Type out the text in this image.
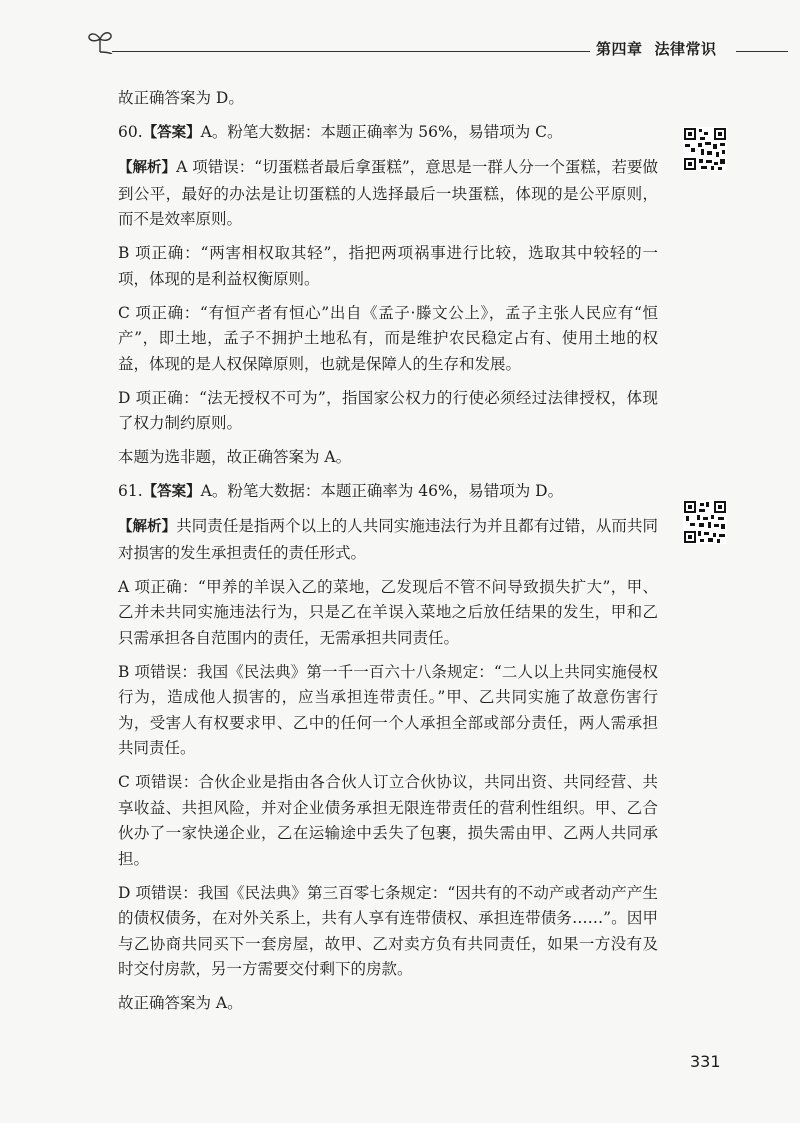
第四章 法律常识

故正确答案为 D。

60.【答案】A。粉笔大数据：本题正确率为 56%，易错项为 C。

【解析】A 项错误：“切蛋糕者最后拿蛋糕”，意思是一群人分一个蛋糕，若要做到公平，最好的办法是让切蛋糕的人选择最后一块蛋糕，体现的是公平原则，而不是效率原则。

B 项正确：“两害相权取其轻”，指把两项祸事进行比较，选取其中较轻的一项，体现的是利益权衡原则。

C 项正确：“有恒产者有恒心”出自《孟子·滕文公上》，孟子主张人民应有“恒产”，即土地，孟子不拥护土地私有，而是维护农民稳定占有、使用土地的权益，体现的是人权保障原则，也就是保障人的生存和发展。

D 项正确：“法无授权不可为”，指国家公权力的行使必须经过法律授权，体现了权力制约原则。

本题为选非题，故正确答案为 A。

61.【答案】A。粉笔大数据：本题正确率为 46%，易错项为 D。

【解析】共同责任是指两个以上的人共同实施违法行为并且都有过错，从而共同对损害的发生承担责任的责任形式。

A 项正确：“甲养的羊误入乙的菜地，乙发现后不管不问导致损失扩大”，甲、乙并未共同实施违法行为，只是乙在羊误入菜地之后放任结果的发生，甲和乙只需承担各自范围内的责任，无需承担共同责任。

B 项错误：我国《民法典》第一千一百六十八条规定：“二人以上共同实施侵权行为，造成他人损害的，应当承担连带责任。”甲、乙共同实施了故意伤害行为，受害人有权要求甲、乙中的任何一个人承担全部或部分责任，两人需承担共同责任。

C 项错误：合伙企业是指由各合伙人订立合伙协议，共同出资、共同经营、共享收益、共担风险，并对企业债务承担无限连带责任的营利性组织。甲、乙合伙办了一家快递企业，乙在运输途中丢失了包裹，损失需由甲、乙两人共同承担。

D 项错误：我国《民法典》第三百零七条规定：“因共有的不动产或者动产产生的债权债务，在对外关系上，共有人享有连带债权、承担连带债务……”。因甲与乙协商共同买下一套房屋，故甲、乙对卖方负有共同责任，如果一方没有及时交付房款，另一方需要交付剩下的房款。

故正确答案为 A。

331
